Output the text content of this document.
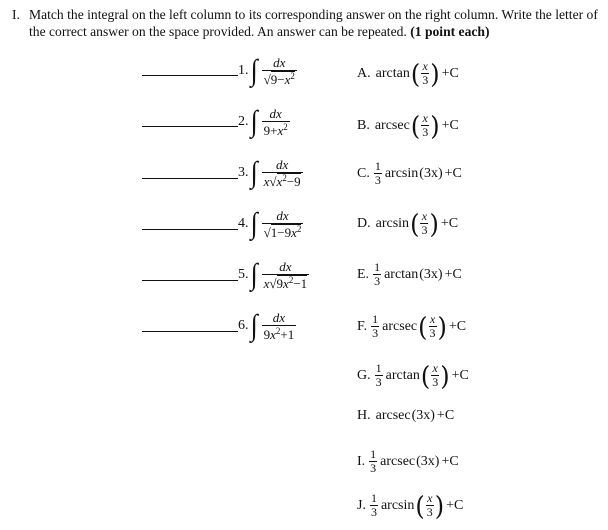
I. Match the integral on the left column to its corresponding answer on the right column. Write the letter of the correct answer on the space provided. An answer can be repeated. (1 point each)
1. ∫ $\frac{dx}{√9-x^2}$
2. ∫ $\frac{dx}{9+x^2}$
3. ∫ $\frac{dx}{x√x^2-9}$
4. ∫ $\frac{dx}{√1-9x^2}$
5. ∫ $\frac{dx}{x√9x^2-1}$
6. ∫ $\frac{dx}{9x^2+1}$
A. arctan ( x
3 ) +C
B. arcsec ( x
3 ) +C
C. 1
3 arcsin (3x) +C
D. arcsin ( x
3 ) +C
E. 1
3 arctan (3x) +C
F. 1
3 arcsec ( x
3 ) +C
G. 1
3 arctan ( x
3 ) +C
H. arcsec (3x) +C
I. 1
3 arcsec (3x) +C
J. 1
3 arcsin ( x
3 ) +C
